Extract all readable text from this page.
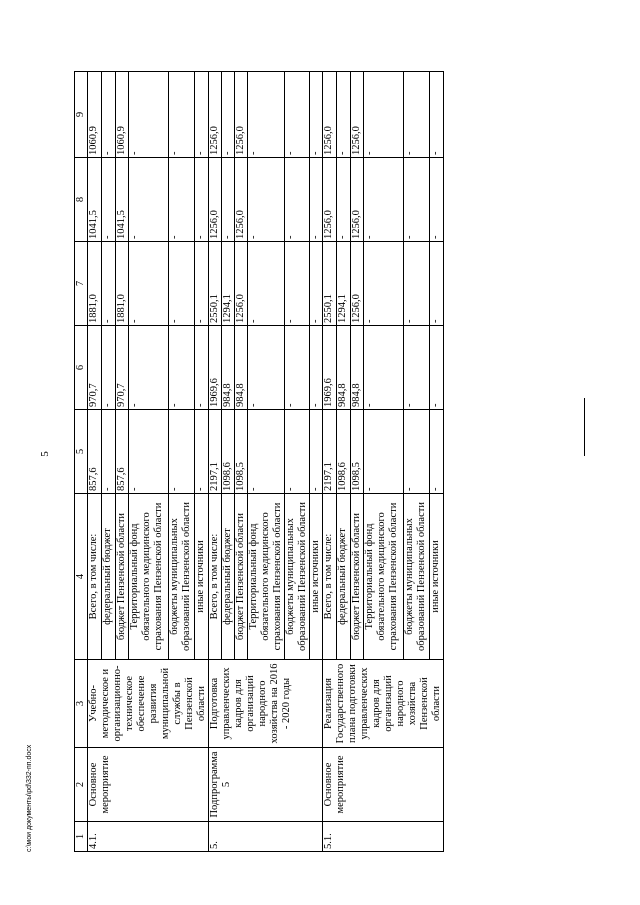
5
1	2	3	4	5	6	7	8	9
4.1.	Основное мероприятие	Учебно-методическое и организационно-техническое обеспечение развития муниципальной службы в Пензенской области	Всего, в том числе:	857,6	970,7	1881,0	1041,5	1060,9
			федеральный бюджет	-	-	-	-	-
			бюджет Пензенской области	857,6	970,7	1881,0	1041,5	1060,9
			Территориальный фонд обязательного медицинского страхования Пензенской области	-	-	-	-	-
			бюджеты муниципальных образований Пензенской области	-	-	-	-	-
			иные источники	-	-	-	-	-
5.	Подпрограмма 5	Подготовка управленческих кадров для организаций народного хозяйства на 2016 - 2020 годы	Всего, в том числе:	2197,1	1969,6	2550,1	1256,0	1256,0
			федеральный бюджет	1098,6	984,8	1294,1	-	-
			бюджет Пензенской области	1098,5	984,8	1256,0	1256,0	1256,0
			Территориальный фонд обязательного медицинского страхования Пензенской области	-	-	-	-	-
			бюджеты муниципальных образований Пензенской области	-	-	-	-	-
			иные источники	-	-	-	-	-
5.1.	Основное мероприятие	Реализация Государственного плана подготовки управленческих кадров для организаций народного хозяйства Пензенской области	Всего, в том числе:	2197,1	1969,6	2550,1	1256,0	1256,0
			федеральный бюджет	1098,6	984,8	1294,1	-	-
			бюджет Пензенской области	1098,5	984,8	1256,0	1256,0	1256,0
			Территориальный фонд обязательного медицинского страхования Пензенской области	-	-	-	-	-
			бюджеты муниципальных образований Пензенской области	-	-	-	-	-
			иные источники	-	-	-	-	-
c:\мои документы\pd\332-пп.docx
